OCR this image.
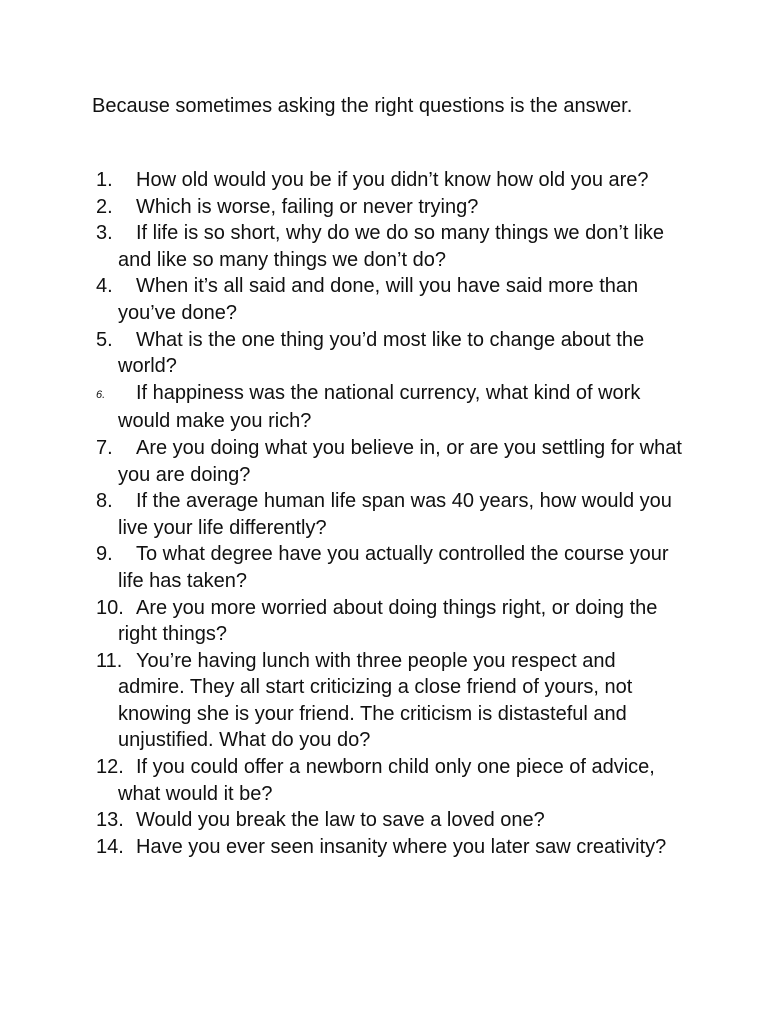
Because sometimes asking the right questions is the answer.

1. How old would you be if you didn’t know how old you are?
2. Which is worse, failing or never trying?
3. If life is so short, why do we do so many things we don’t like and like so many things we don’t do?
4. When it’s all said and done, will you have said more than you’ve done?
5. What is the one thing you’d most like to change about the world?
6. If happiness was the national currency, what kind of work would make you rich?
7. Are you doing what you believe in, or are you settling for what you are doing?
8. If the average human life span was 40 years, how would you live your life differently?
9. To what degree have you actually controlled the course your life has taken?
10. Are you more worried about doing things right, or doing the right things?
11. You’re having lunch with three people you respect and admire. They all start criticizing a close friend of yours, not knowing she is your friend. The criticism is distasteful and unjustified. What do you do?
12. If you could offer a newborn child only one piece of advice, what would it be?
13. Would you break the law to save a loved one?
14. Have you ever seen insanity where you later saw creativity?
